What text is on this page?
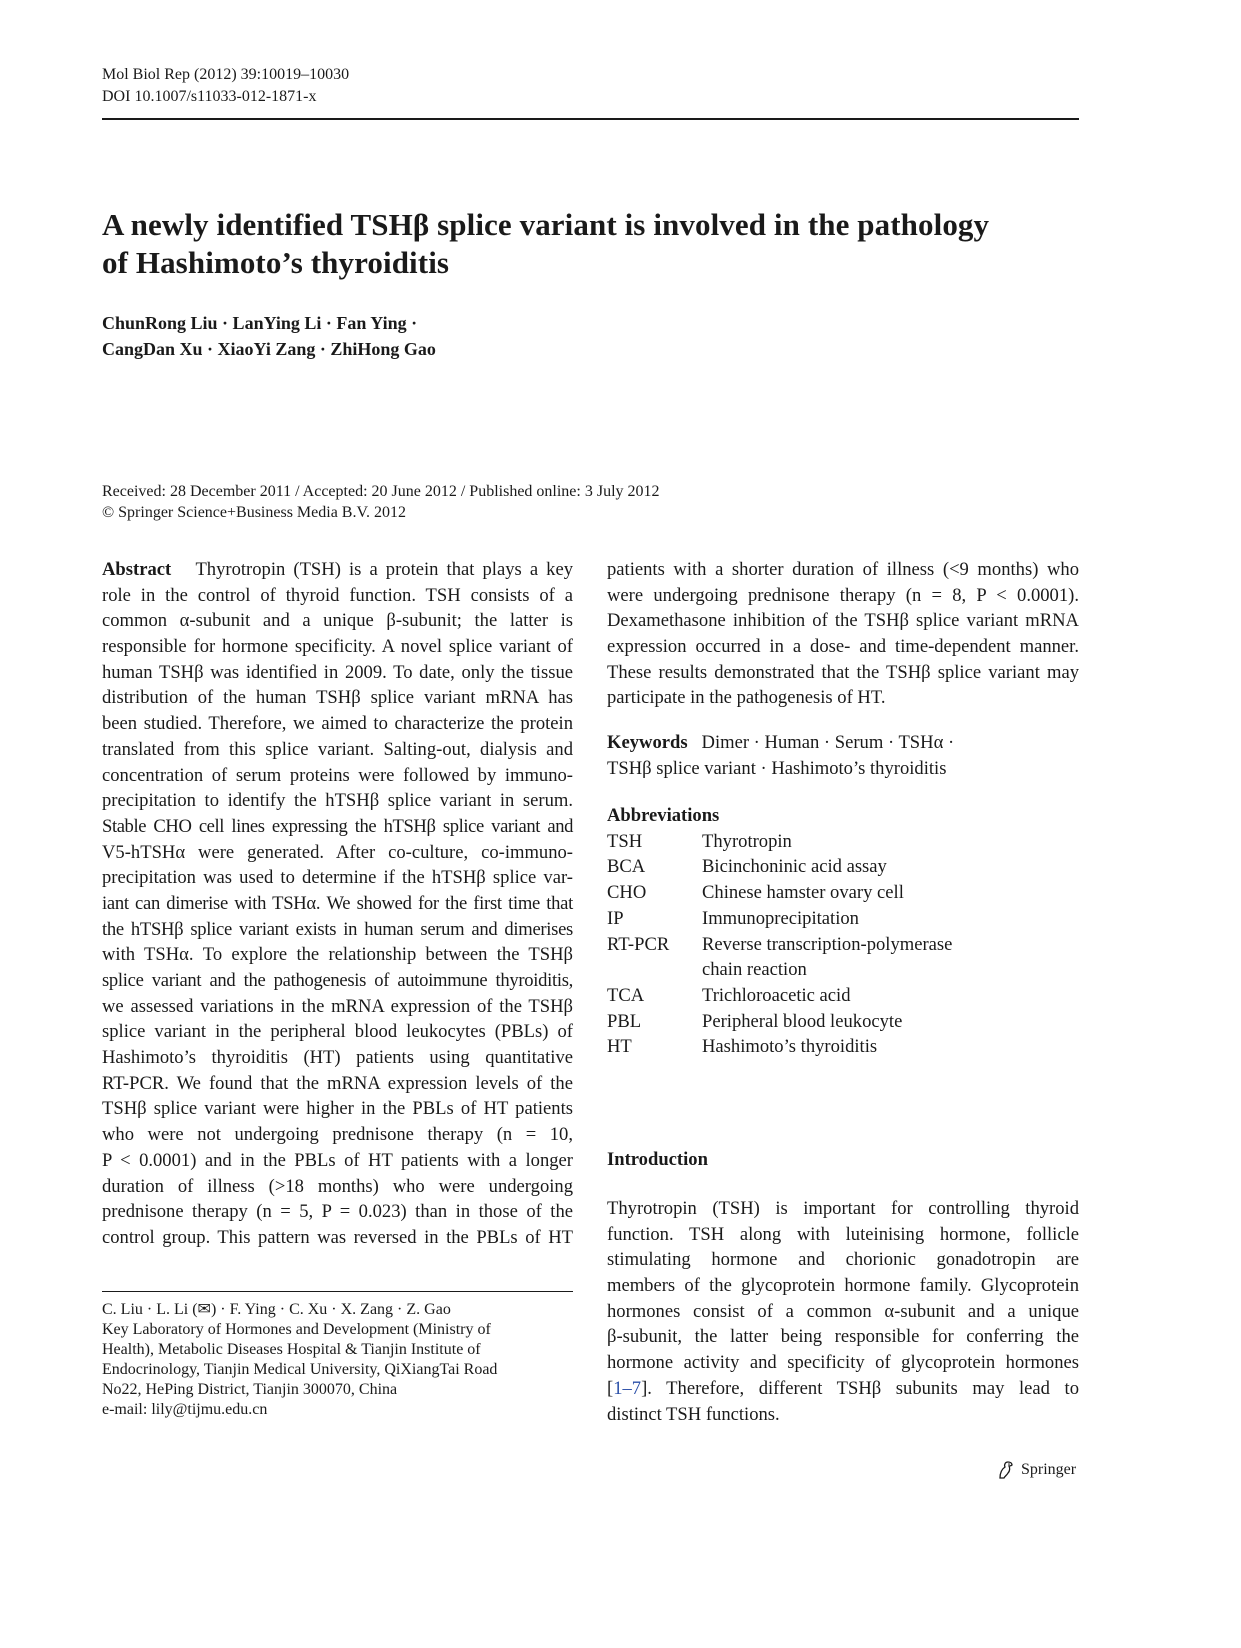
Mol Biol Rep (2012) 39:10019–10030
DOI 10.1007/s11033-012-1871-x
A newly identified TSHβ splice variant is involved in the pathology
of Hashimoto’s thyroiditis
ChunRong Liu · LanYing Li · Fan Ying ·
CangDan Xu · XiaoYi Zang · ZhiHong Gao
Received: 28 December 2011 / Accepted: 20 June 2012 / Published online: 3 July 2012
© Springer Science+Business Media B.V. 2012
Abstract Thyrotropin (TSH) is a protein that plays a key
role in the control of thyroid function. TSH consists of a
common α-subunit and a unique β-subunit; the latter is
responsible for hormone specificity. A novel splice variant of
human TSHβ was identified in 2009. To date, only the tissue
distribution of the human TSHβ splice variant mRNA has
been studied. Therefore, we aimed to characterize the protein
translated from this splice variant. Salting-out, dialysis and
concentration of serum proteins were followed by immuno-
precipitation to identify the hTSHβ splice variant in serum.
Stable CHO cell lines expressing the hTSHβ splice variant and
V5-hTSHα were generated. After co-culture, co-immuno-
precipitation was used to determine if the hTSHβ splice var-
iant can dimerise with TSHα. We showed for the first time that
the hTSHβ splice variant exists in human serum and dimerises
with TSHα. To explore the relationship between the TSHβ
splice variant and the pathogenesis of autoimmune thyroiditis,
we assessed variations in the mRNA expression of the TSHβ
splice variant in the peripheral blood leukocytes (PBLs) of
Hashimoto’s thyroiditis (HT) patients using quantitative
RT-PCR. We found that the mRNA expression levels of the
TSHβ splice variant were higher in the PBLs of HT patients
who were not undergoing prednisone therapy (n = 10,
P < 0.0001) and in the PBLs of HT patients with a longer
duration of illness (>18 months) who were undergoing
prednisone therapy (n = 5, P = 0.023) than in those of the
control group. This pattern was reversed in the PBLs of HT
C. Liu · L. Li (✉) · F. Ying · C. Xu · X. Zang · Z. Gao
Key Laboratory of Hormones and Development (Ministry of
Health), Metabolic Diseases Hospital & Tianjin Institute of
Endocrinology, Tianjin Medical University, QiXiangTai Road
No22, HePing District, Tianjin 300070, China
e-mail: lily@tijmu.edu.cn
patients with a shorter duration of illness (<9 months) who
were undergoing prednisone therapy (n = 8, P < 0.0001).
Dexamethasone inhibition of the TSHβ splice variant mRNA
expression occurred in a dose- and time-dependent manner.
These results demonstrated that the TSHβ splice variant may
participate in the pathogenesis of HT.
Keywords Dimer · Human · Serum · TSHα ·
TSHβ splice variant · Hashimoto’s thyroiditis
Abbreviations
TSH	Thyrotropin
BCA	Bicinchoninic acid assay
CHO	Chinese hamster ovary cell
IP	Immunoprecipitation
RT-PCR	Reverse transcription-polymerase
chain reaction
TCA	Trichloroacetic acid
PBL	Peripheral blood leukocyte
HT	Hashimoto’s thyroiditis
Introduction
Thyrotropin (TSH) is important for controlling thyroid
function. TSH along with luteinising hormone, follicle
stimulating hormone and chorionic gonadotropin are
members of the glycoprotein hormone family. Glycoprotein
hormones consist of a common α-subunit and a unique
β-subunit, the latter being responsible for conferring the
hormone activity and specificity of glycoprotein hormones
[1–7]. Therefore, different TSHβ subunits may lead to
distinct TSH functions.
Springer
